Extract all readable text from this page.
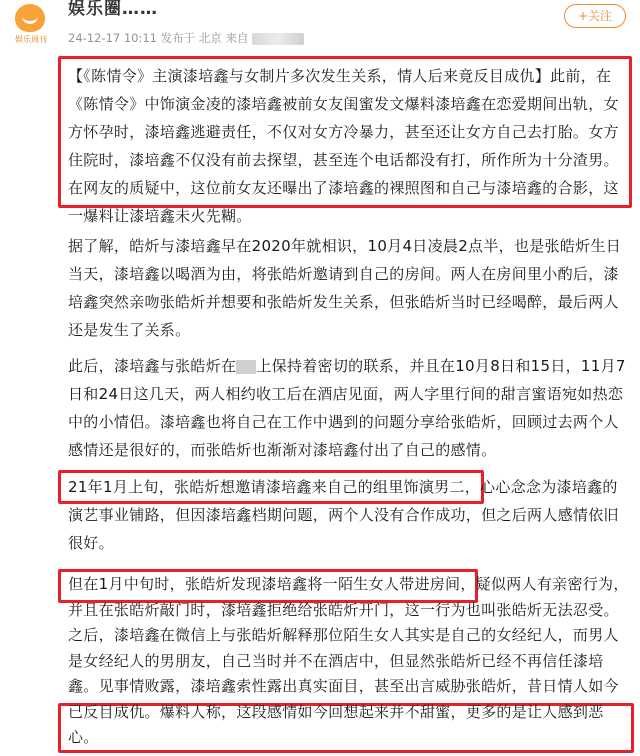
娱乐周刊
娱乐圈……
24-12-17 10:11 发布于 北京 来自
+关注
【《陈情令》主演漆培鑫与女制片多次发生关系，情人后来竟反目成仇】此前，在《陈情令》中饰演金凌的漆培鑫被前女友闺蜜发文爆料漆培鑫在恋爱期间出轨，女方怀孕时，漆培鑫逃避责任，不仅对女方冷暴力，甚至还让女方自己去打胎。女方住院时，漆培鑫不仅没有前去探望，甚至连个电话都没有打，所作所为十分渣男。在网友的质疑中，这位前女友还曝出了漆培鑫的裸照图和自己与漆培鑫的合影，这一爆料让漆培鑫未火先糊。
据了解，皓炘与漆培鑫早在2020年就相识，10月4日凌晨2点半，也是张皓炘生日当天，漆培鑫以喝酒为由，将张皓炘邀请到自己的房间。两人在房间里小酌后，漆培鑫突然亲吻张皓炘并想要和张皓炘发生关系，但张皓炘当时已经喝醉，最后两人还是发生了关系。
此后，漆培鑫与张皓炘在 上保持着密切的联系，并且在10月8日和15日，11月7日和24日这几天，两人相约收工后在酒店见面，两人字里行间的甜言蜜语宛如热恋中的小情侣。漆培鑫也将自己在工作中遇到的问题分享给张皓炘，回顾过去两个人感情还是很好的，而张皓炘也渐渐对漆培鑫付出了自己的感情。
21年1月上旬，张皓炘想邀请漆培鑫来自己的组里饰演男二，心心念念为漆培鑫的演艺事业铺路，但因漆培鑫档期问题，两个人没有合作成功，但之后两人感情依旧很好。
但在1月中旬时，张皓炘发现漆培鑫将一陌生女人带进房间，疑似两人有亲密行为，并且在张皓炘敲门时，漆培鑫拒绝给张皓炘开门，这一行为也叫张皓炘无法忍受。之后，漆培鑫在微信上与张皓炘解释那位陌生女人其实是自己的女经纪人，而男人是女经纪人的男朋友，自己当时并不在酒店中，但显然张皓炘已经不再信任漆培鑫。见事情败露，漆培鑫索性露出真实面目，甚至出言威胁张皓炘，昔日情人如今已反目成仇。爆料人称，这段感情如今回想起来并不甜蜜，更多的是让人感到恶心。
